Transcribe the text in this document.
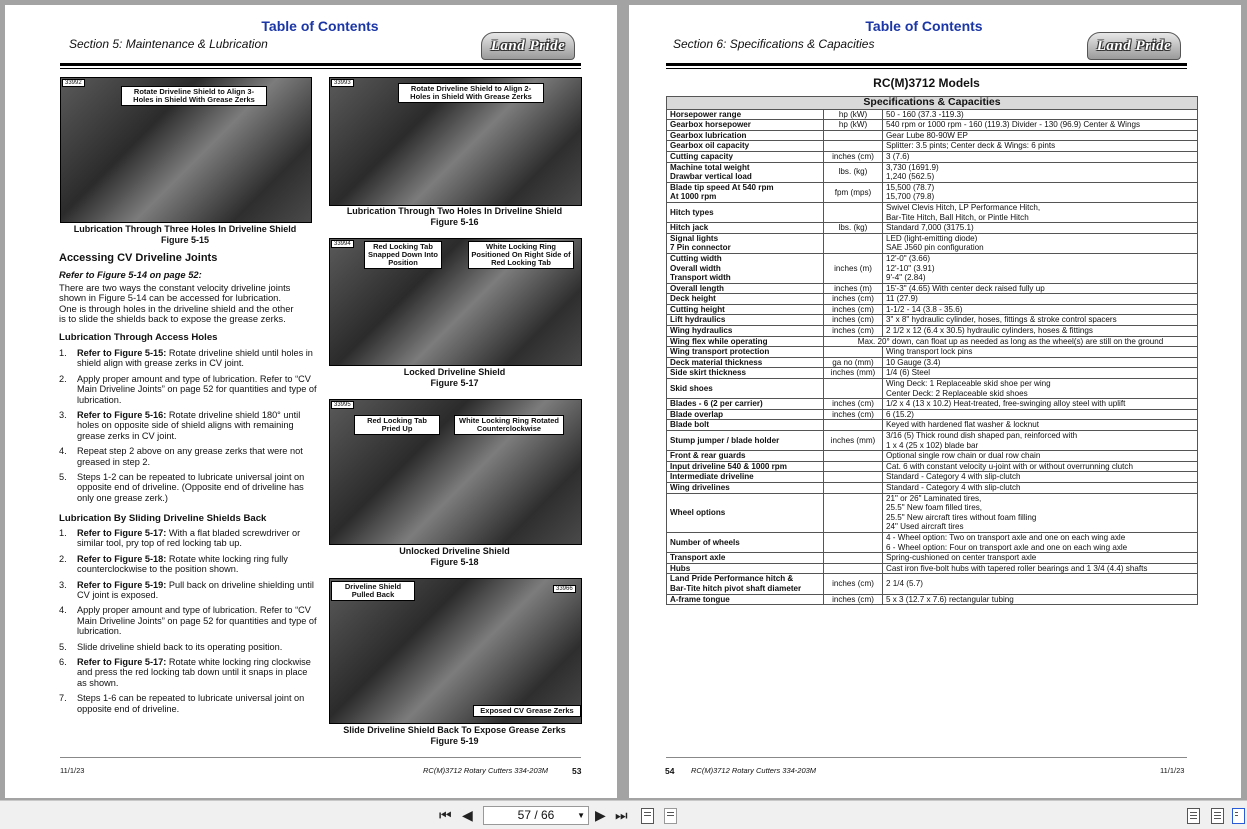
Table of Contents
Section 5: Maintenance & Lubrication	Land Pride
33992
Rotate Driveline Shield to Align 3-Holes in Shield With Grease Zerks
Lubrication Through Three Holes In Driveline Shield
Figure 5-15
33993
Rotate Driveline Shield to Align 2-Holes in Shield With Grease Zerks
Lubrication Through Two Holes In Driveline Shield
Figure 5-16
33994	Red Locking Tab Snapped Down Into Position
White Locking Ring Positioned On Right Side of Red Locking Tab
Locked Driveline Shield
Figure 5-17
33995
Red Locking Tab Pried Up
White Locking Ring Rotated Counterclockwise
Unlocked Driveline Shield
Figure 5-18
Driveline Shield Pulled Back
33966
Exposed CV Grease Zerks
Slide Driveline Shield Back To Expose Grease Zerks
Figure 5-19
Accessing CV Driveline Joints
Refer to Figure 5-14 on page 52:
There are two ways the constant velocity driveline joints
shown in Figure 5-14 can be accessed for lubrication.
One is through holes in the driveline shield and the other
is to slide the shields back to expose the grease zerks.
Lubrication Through Access Holes
1. Refer to Figure 5-15: Rotate driveline shield until holes in shield align with grease zerks in CV joint.
2. Apply proper amount and type of lubrication. Refer to “CV Main Driveline Joints” on page 52 for quantities and type of lubrication.
3. Refer to Figure 5-16: Rotate driveline shield 180° until holes on opposite side of shield aligns with remaining grease zerks in CV joint.
4. Repeat step 2 above on any grease zerks that were not greased in step 2.
5. Steps 1-2 can be repeated to lubricate universal joint on opposite end of driveline. (Opposite end of driveline has only one grease zerk.)
Lubrication By Sliding Driveline Shields Back
1. Refer to Figure 5-17: With a flat bladed screwdriver or similar tool, pry top of red locking tab up.
2. Refer to Figure 5-18: Rotate white locking ring fully counterclockwise to the position shown.
3. Refer to Figure 5-19: Pull back on driveline shielding until CV joint is exposed.
4. Apply proper amount and type of lubrication. Refer to “CV Main Driveline Joints” on page 52 for quantities and type of lubrication.
5. Slide driveline shield back to its operating position.
6. Refer to Figure 5-17: Rotate white locking ring clockwise and press the red locking tab down until it snaps in place as shown.
7. Steps 1-6 can be repeated to lubricate universal joint on opposite end of driveline.
11/1/23	RC(M)3712 Rotary Cutters 334-203M	53
Table of Contents
Section 6: Specifications & Capacities	Land Pride
RC(M)3712 Models
Specifications & Capacities		
Horsepower range	hp (kW)	50 - 160 (37.3 -119.3)
Gearbox horsepower	hp (kW)	540 rpm or 1000 rpm - 160 (119.3) Divider - 130 (96.9) Center & Wings
Gearbox lubrication		Gear Lube 80-90W EP
Gearbox oil capacity		Splitter: 3.5 pints; Center deck & Wings: 6 pints
Cutting capacity	inches (cm)	3 (7.6)
Machine total weight
Drawbar vertical load	lbs. (kg)	3,730 (1691.9)
1,240 (562.5)
Blade tip speed At 540 rpm
At 1000 rpm	fpm (mps)	15,500 (78.7)
15,700 (79.8)
Hitch types		Swivel Clevis Hitch, LP Performance Hitch,
Bar-Tite Hitch, Ball Hitch, or Pintle Hitch
Hitch jack	lbs. (kg)	Standard 7,000 (3175.1)
Signal lights
7 Pin connector		LED (light-emitting diode)
SAE J560 pin configuration
Cutting width
Overall width
Transport width	inches (m)	12'-0" (3.66)
12'-10" (3.91)
9'-4" (2.84)
Overall length	inches (m)	15'-3" (4.65) With center deck raised fully up
Deck height	inches (cm)	11 (27.9)
Cutting height	inches (cm)	1-1/2 - 14 (3.8 - 35.6)
Lift hydraulics	inches (cm)	3" x 8" hydraulic cylinder, hoses, fittings & stroke control spacers
Wing hydraulics	inches (cm)	2 1/2 x 12 (6.4 x 30.5) hydraulic cylinders, hoses & fittings
Wing flex while operating	Max. 20° down, can float up as needed as long as the wheel(s) are still on the ground	
Wing transport protection		Wing transport lock pins
Deck material thickness	ga no (mm)	10 Gauge (3.4)
Side skirt thickness	inches (mm)	1/4 (6) Steel
Skid shoes		Wing Deck: 1 Replaceable skid shoe per wing
Center Deck: 2 Replaceable skid shoes
Blades - 6 (2 per carrier)	inches (cm)	1/2 x 4 (13 x 10.2) Heat-treated, free-swinging alloy steel with uplift
Blade overlap	inches (cm)	6 (15.2)
Blade bolt		Keyed with hardened flat washer & locknut
Stump jumper / blade holder	inches (mm)	3/16 (5) Thick round dish shaped pan, reinforced with
1 x 4 (25 x 102) blade bar
Front & rear guards		Optional single row chain or dual row chain
Input driveline 540 & 1000 rpm		Cat. 6 with constant velocity u-joint with or without overrunning clutch
Intermediate driveline		Standard - Category 4 with slip-clutch
Wing drivelines		Standard - Category 4 with slip-clutch
Wheel options		21" or 26" Laminated tires,
25.5" New foam filled tires,
25.5" New aircraft tires without foam filling
24" Used aircraft tires
Number of wheels		4 - Wheel option: Two on transport axle and one on each wing axle
6 - Wheel option: Four on transport axle and one on each wing axle
Transport axle		Spring-cushioned on center transport axle
Hubs		Cast iron five-bolt hubs with tapered roller bearings and 1 3/4 (4.4) shafts
Land Pride Performance hitch &
Bar-Tite hitch pivot shaft diameter	inches (cm)	2 1/4 (5.7)
A-frame tongue	inches (cm)	5 x 3 (12.7 x 7.6) rectangular tubing
54 RC(M)3712 Rotary Cutters 334-203M	11/1/23
⏮ ◀	57 / 66	▼ ▶ ⏭
